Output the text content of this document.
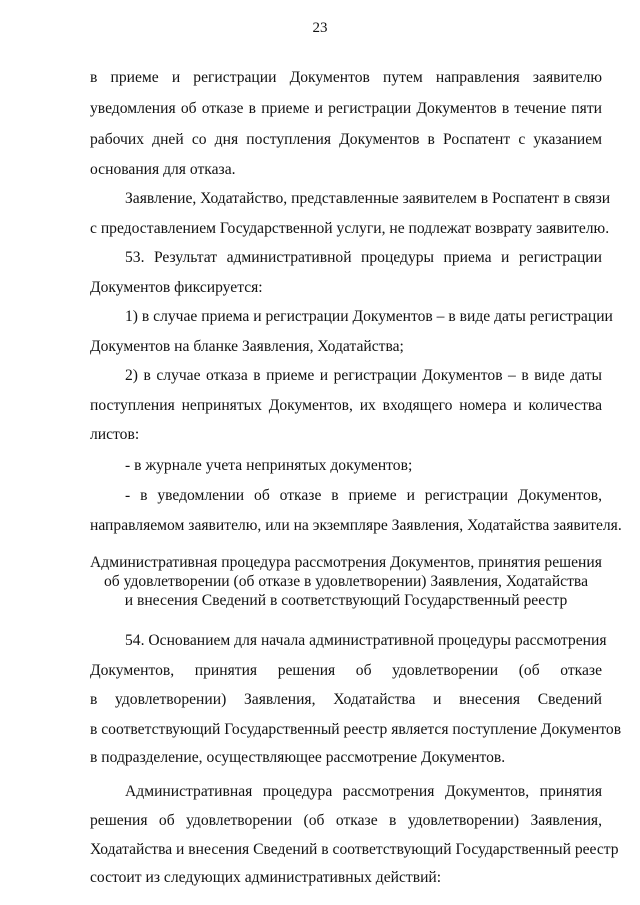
23
в приеме и регистрации Документов путем направления заявителю
уведомления об отказе в приеме и регистрации Документов в течение пяти
рабочих дней со дня поступления Документов в Роспатент с указанием
основания для отказа.
Заявление, Ходатайство, представленные заявителем в Роспатент в связи
с предоставлением Государственной услуги, не подлежат возврату заявителю.
53. Результат административной процедуры приема и регистрации
Документов фиксируется:
1) в случае приема и регистрации Документов – в виде даты регистрации
Документов на бланке Заявления, Ходатайства;
2) в случае отказа в приеме и регистрации Документов – в виде даты
поступления непринятых Документов, их входящего номера и количества
листов:
- в журнале учета непринятых документов;
- в уведомлении об отказе в приеме и регистрации Документов,
направляемом заявителю, или на экземпляре Заявления, Ходатайства заявителя.
Административная процедура рассмотрения Документов, принятия решения
об удовлетворении (об отказе в удовлетворении) Заявления, Ходатайства
и внесения Сведений в соответствующий Государственный реестр
54. Основанием для начала административной процедуры рассмотрения
Документов, принятия решения об удовлетворении (об отказе
в удовлетворении) Заявления, Ходатайства и внесения Сведений
в соответствующий Государственный реестр является поступление Документов
в подразделение, осуществляющее рассмотрение Документов.
Административная процедура рассмотрения Документов, принятия
решения об удовлетворении (об отказе в удовлетворении) Заявления,
Ходатайства и внесения Сведений в соответствующий Государственный реестр
состоит из следующих административных действий:
